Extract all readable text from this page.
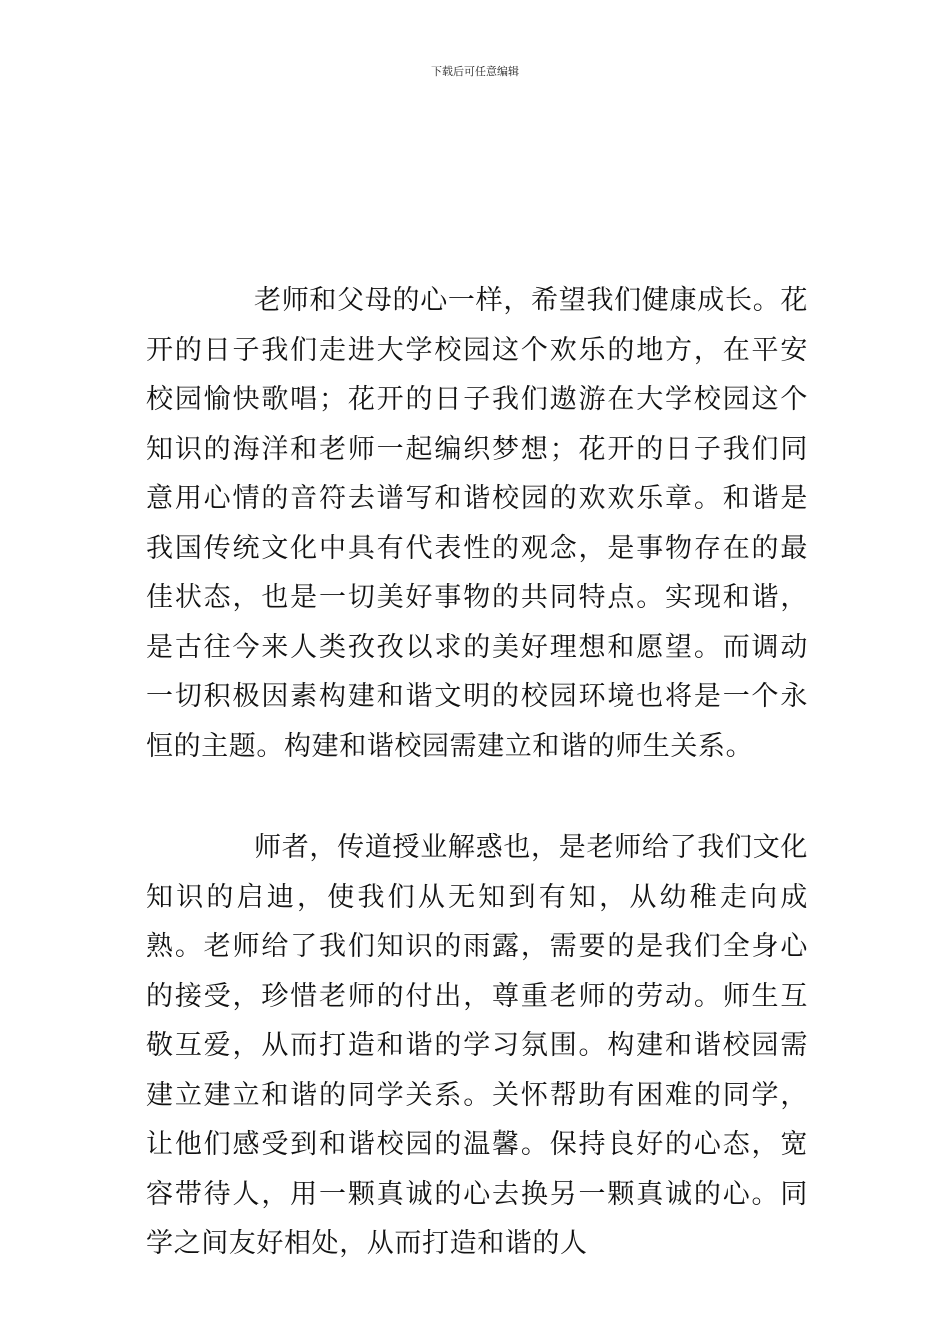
下载后可任意编辑

老师和父母的心一样，希望我们健康成长。花开的日子我们走进大学校园这个欢乐的地方，在平安校园愉快歌唱；花开的日子我们遨游在大学校园这个知识的海洋和老师一起编织梦想；花开的日子我们同意用心情的音符去谱写和谐校园的欢欢乐章。和谐是我国传统文化中具有代表性的观念，是事物存在的最佳状态，也是一切美好事物的共同特点。实现和谐，是古往今来人类孜孜以求的美好理想和愿望。而调动一切积极因素构建和谐文明的校园环境也将是一个永恒的主题。构建和谐校园需建立和谐的师生关系。

师者，传道授业解惑也，是老师给了我们文化知识的启迪，使我们从无知到有知，从幼稚走向成熟。老师给了我们知识的雨露，需要的是我们全身心的接受，珍惜老师的付出，尊重老师的劳动。师生互敬互爱，从而打造和谐的学习氛围。构建和谐校园需建立建立和谐的同学关系。关怀帮助有困难的同学，让他们感受到和谐校园的温馨。保持良好的心态，宽容带待人，用一颗真诚的心去换另一颗真诚的心。同学之间友好相处，从而打造和谐的人
